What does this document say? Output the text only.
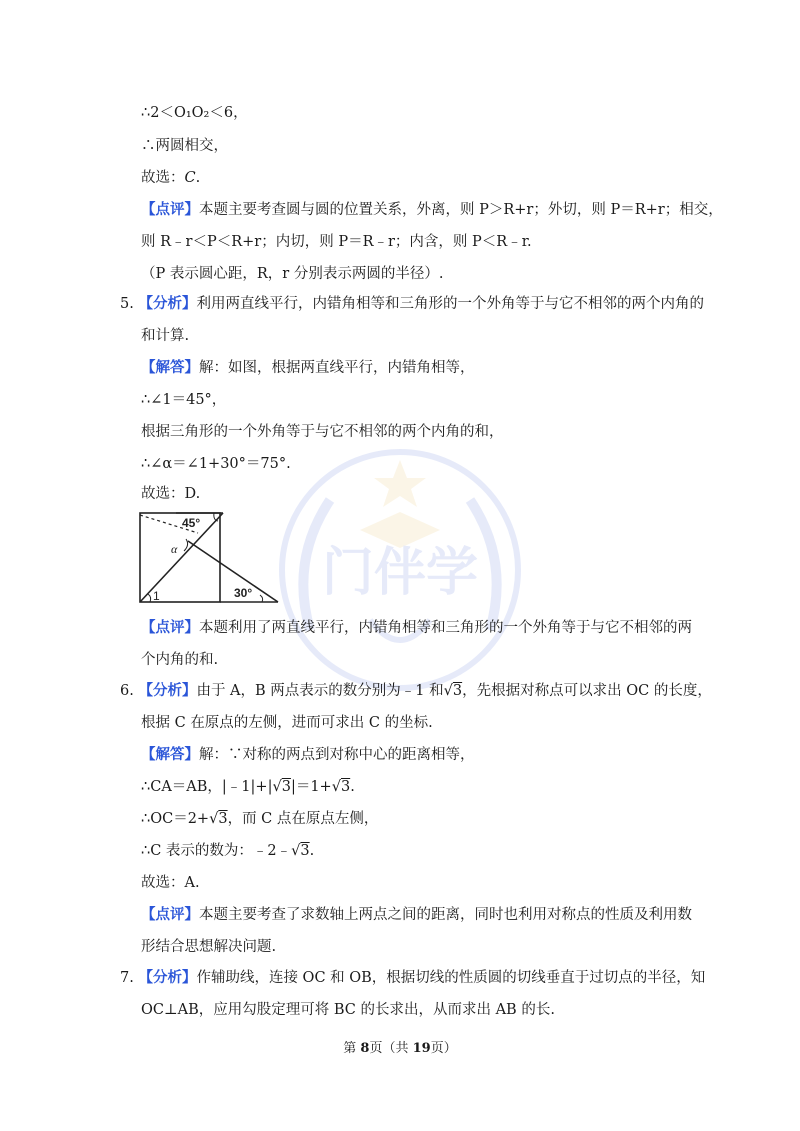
门伴学
∴2＜O₁O₂＜6，
∴两圆相交，
故选：C.
【点评】本题主要考查圆与圆的位置关系，外离，则 P＞R+r；外切，则 P＝R+r；相交，
则 R﹣r＜P＜R+r；内切，则 P＝R﹣r；内含，则 P＜R﹣r.
（P 表示圆心距，R，r 分别表示两圆的半径）.
5. 【分析】利用两直线平行，内错角相等和三角形的一个外角等于与它不相邻的两个内角的
和计算.
【解答】解：如图，根据两直线平行，内错角相等，
∴∠1＝45°，
根据三角形的一个外角等于与它不相邻的两个内角的和，
∴∠α＝∠1+30°＝75°.
故选：D.
45°
α
1	30°
【点评】本题利用了两直线平行，内错角相等和三角形的一个外角等于与它不相邻的两
个内角的和.
6. 【分析】由于 A，B 两点表示的数分别为﹣1 和√3，先根据对称点可以求出 OC 的长度，
根据 C 在原点的左侧，进而可求出 C 的坐标.
【解答】解：∵对称的两点到对称中心的距离相等，
∴CA＝AB，|﹣1|+|√3|＝1+√3.
∴OC＝2+√3，而 C 点在原点左侧，
∴C 表示的数为：﹣2﹣√3.
故选：A.
【点评】本题主要考查了求数轴上两点之间的距离，同时也利用对称点的性质及利用数
形结合思想解决问题.
7. 【分析】作辅助线，连接 OC 和 OB，根据切线的性质圆的切线垂直于过切点的半径，知
OC⊥AB，应用勾股定理可将 BC 的长求出，从而求出 AB 的长.
第 8页（共 19页）
